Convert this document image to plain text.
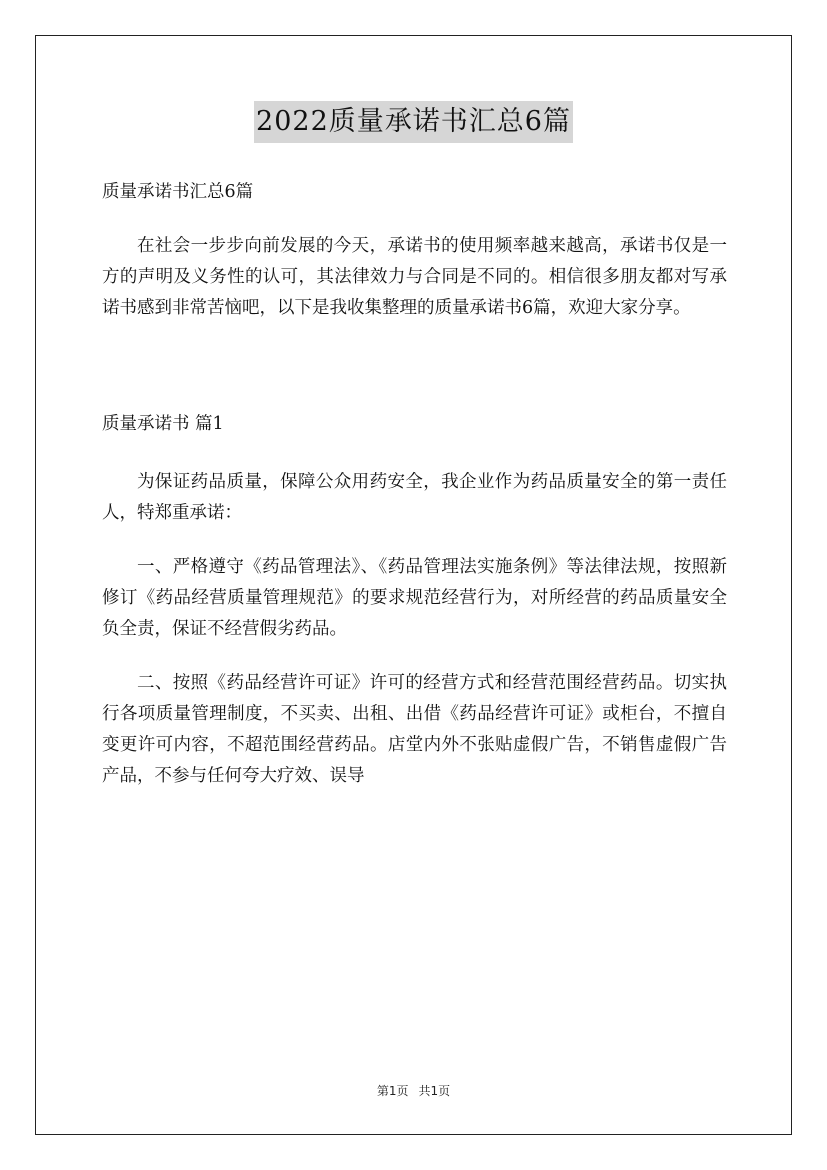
2022质量承诺书汇总6篇

质量承诺书汇总6篇

在社会一步步向前发展的今天，承诺书的使用频率越来越高，承诺书仅是一方的声明及义务性的认可，其法律效力与合同是不同的。相信很多朋友都对写承诺书感到非常苦恼吧，以下是我收集整理的质量承诺书6篇，欢迎大家分享。

质量承诺书 篇1

为保证药品质量，保障公众用药安全，我企业作为药品质量安全的第一责任人，特郑重承诺：

一、严格遵守《药品管理法》、《药品管理法实施条例》等法律法规，按照新修订《药品经营质量管理规范》的要求规范经营行为，对所经营的药品质量安全负全责，保证不经营假劣药品。

二、按照《药品经营许可证》许可的经营方式和经营范围经营药品。切实执行各项质量管理制度，不买卖、出租、出借《药品经营许可证》或柜台，不擅自变更许可内容，不超范围经营药品。店堂内外不张贴虚假广告，不销售虚假广告产品，不参与任何夸大疗效、误导

第1页 共1页
